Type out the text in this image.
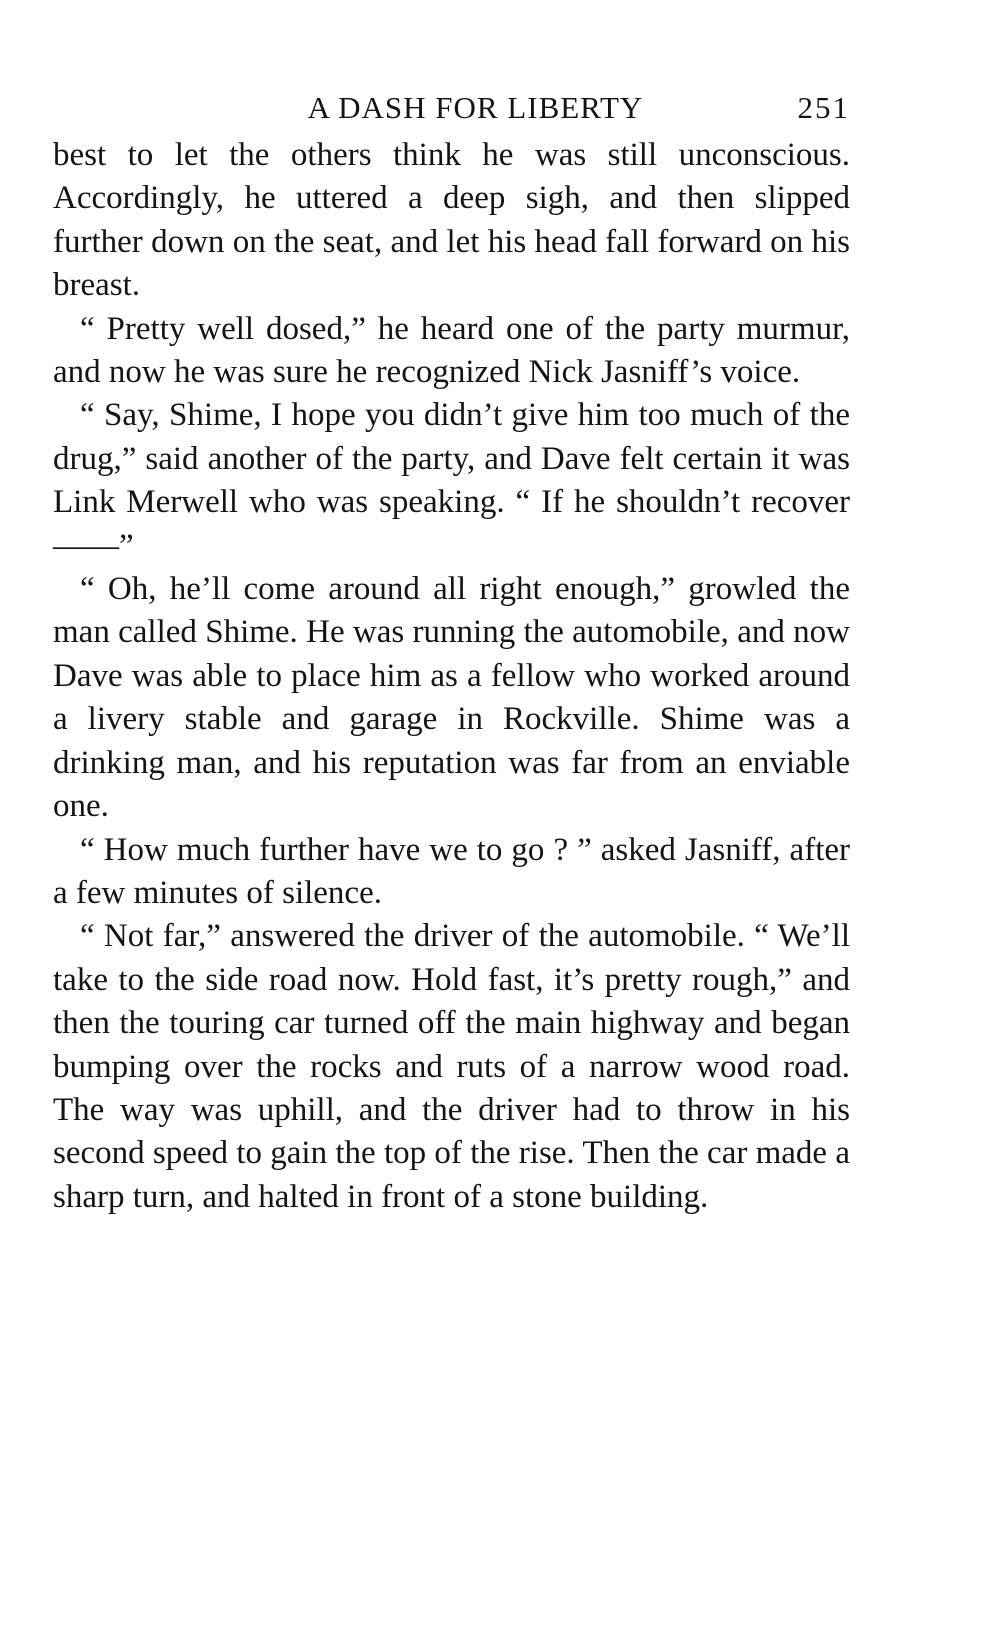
A DASH FOR LIBERTY	251

best to let the others think he was still unconscious. Accordingly, he uttered a deep sigh, and then slipped further down on the seat, and let his head fall forward on his breast.

“ Pretty well dosed,” he heard one of the party murmur, and now he was sure he recognized Nick Jasniff’s voice.

“ Say, Shime, I hope you didn’t give him too much of the drug,” said another of the party, and Dave felt certain it was Link Merwell who was speaking. “ If he shouldn’t recover——”

“ Oh, he’ll come around all right enough,” growled the man called Shime. He was running the automobile, and now Dave was able to place him as a fellow who worked around a livery stable and garage in Rockville. Shime was a drinking man, and his reputation was far from an enviable one.

“ How much further have we to go ? ” asked Jasniff, after a few minutes of silence.

“ Not far,” answered the driver of the automobile. “ We’ll take to the side road now. Hold fast, it’s pretty rough,” and then the touring car turned off the main highway and began bumping over the rocks and ruts of a narrow wood road. The way was uphill, and the driver had to throw in his second speed to gain the top of the rise. Then the car made a sharp turn, and halted in front of a stone building.
